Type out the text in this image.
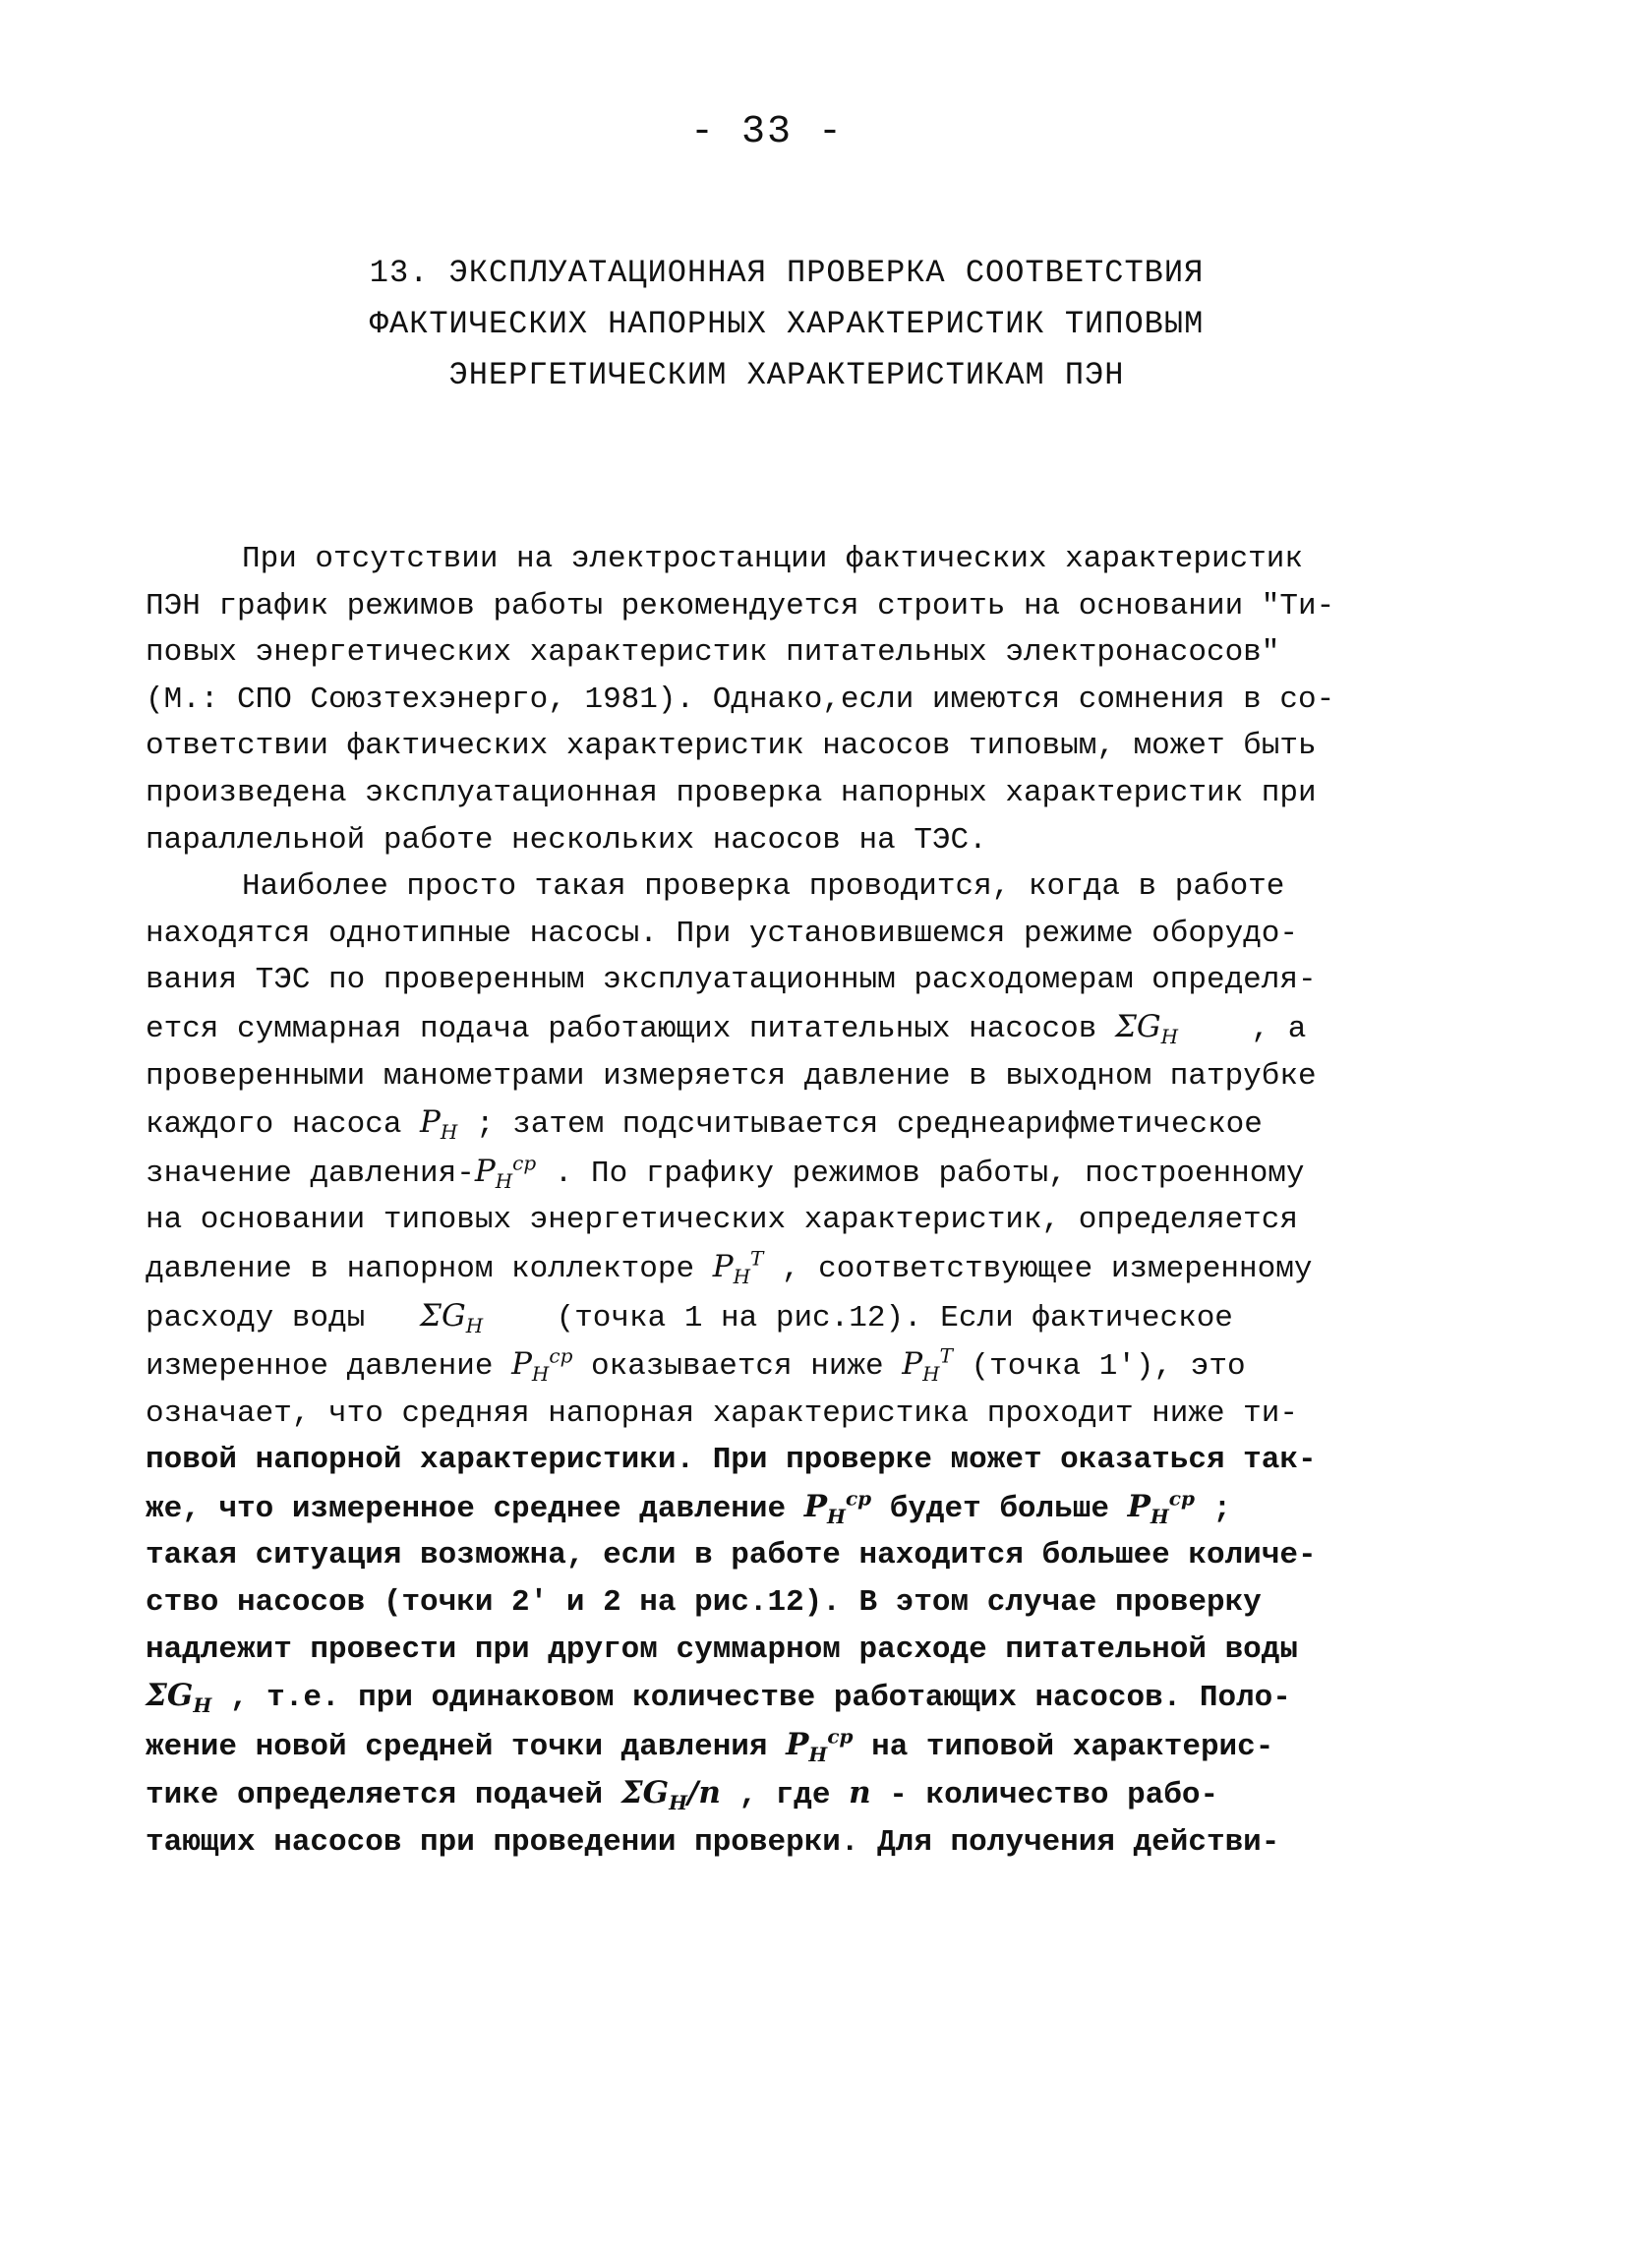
- 33 -
13. ЭКСПЛУАТАЦИОННАЯ ПРОВЕРКА СООТВЕТСТВИЯ
ФАКТИЧЕСКИХ НАПОРНЫХ ХАРАКТЕРИСТИК ТИПОВЫМ
ЭНЕРГЕТИЧЕСКИМ ХАРАКТЕРИСТИКАМ ПЭН
При отсутствии на электростанции фактических характеристик
ПЭН график режимов работы рекомендуется строить на основании "Ти-
повых энергетических характеристик питательных электронасосов"
(М.: СПО Союзтехэнерго, 1981). Однако,если имеются сомнения в со-
ответствии фактических характеристик насосов типовым, может быть
произведена эксплуатационная проверка напорных характеристик при
параллельной работе нескольких насосов на ТЭС.
Наиболее просто такая проверка проводится, когда в работе
находятся однотипные насосы. При установившемся режиме оборудо-
вания ТЭС по проверенным эксплуатационным расходомерам определя-
ется суммарная подача работающих питательных насосов $\Sigma G_H$    , а
проверенными манометрами измеряется давление в выходном патрубке
каждого насоса $P_H$ ; затем подсчитывается среднеарифметическое
значение давления-$P_H^{cp}$ . По графику режимов работы, построенному
на основании типовых энергетических характеристик, определяется
давление в напорном коллекторе $P_H^T$ , соответствующее измеренному
расходу воды   $\Sigma G_H$    (точка 1 на рис.12). Если фактическое
измеренное давление $P_H^{cp}$ оказывается ниже $P_H^T$ (точка 1'), это
означает, что средняя напорная характеристика проходит ниже ти-
повой напорной характеристики. При проверке может оказаться так-
же, что измеренное среднее давление $P_H^{cp}$ будет больше $P_H^{cp}$ ;
такая ситуация возможна, если в работе находится большее количе-
ство насосов (точки 2' и 2 на рис.12). В этом случае проверку
надлежит провести при другом суммарном расходе питательной воды
$\Sigma G_H$ , т.е. при одинаковом количестве работающих насосов. Поло-
жение новой средней точки давления $P_H^{cp}$ на типовой характерис-
тике определяется подачей $\Sigma G_H/n$ , где n - количество рабо-
тающих насосов при проведении проверки. Для получения действи-
